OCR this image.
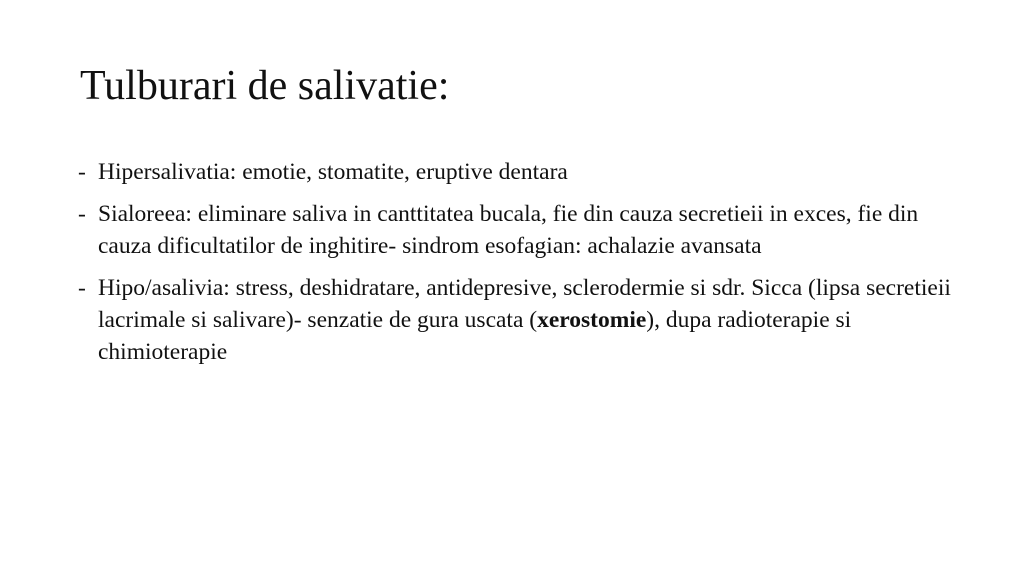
Tulburari de salivatie:
- Hipersalivatia: emotie, stomatite, eruptive dentara
- Sialoreea: eliminare saliva in canttitatea bucala, fie din cauza secretieii in exces, fie din cauza dificultatilor de inghitire- sindrom esofagian: achalazie avansata
- Hipo/asalivia: stress, deshidratare, antidepresive, sclerodermie si sdr. Sicca (lipsa secretieii lacrimale si salivare)- senzatie de gura uscata (xerostomie), dupa radioterapie si chimioterapie
